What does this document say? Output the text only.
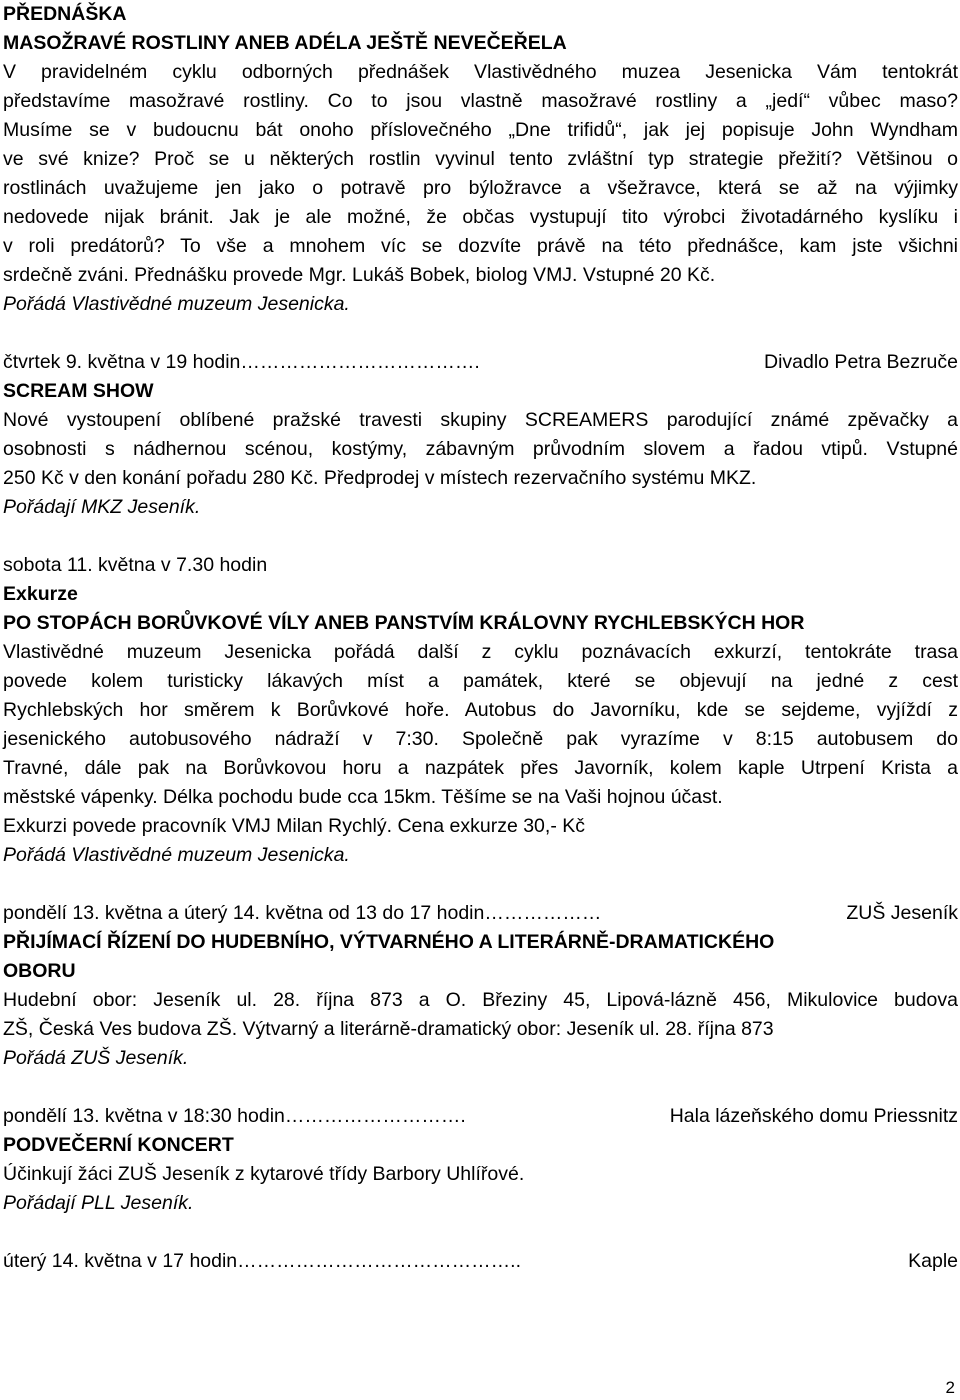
PŘEDNÁŠKA
MASOŽRAVÉ ROSTLINY ANEB ADÉLA JEŠTĚ NEVEČEŘELA
V pravidelném cyklu odborných přednášek Vlastivědného muzea Jesenicka Vám tentokrát
představíme masožravé rostliny. Co to jsou vlastně masožravé rostliny a „jedí“ vůbec maso?
Musíme se v budoucnu bát onoho příslovečného „Dne trifidů“, jak jej popisuje John Wyndham
ve své knize? Proč se u některých rostlin vyvinul tento zvláštní typ strategie přežití? Většinou o
rostlinách uvažujeme jen jako o potravě pro býložravce a všežravce, která se až na výjimky
nedovede nijak bránit. Jak je ale možné, že občas vystupují tito výrobci životadárného kyslíku i
v roli predátorů? To vše a mnohem víc se dozvíte právě na této přednášce, kam jste všichni
srdečně zváni. Přednášku provede Mgr. Lukáš Bobek, biolog VMJ. Vstupné 20 Kč.
Pořádá Vlastivědné muzeum Jesenicka.
čtvrtek 9. května v 19 hodin……………………………….	Divadlo Petra Bezruče
SCREAM SHOW
Nové vystoupení oblíbené pražské travesti skupiny SCREAMERS parodující známé zpěvačky a
osobnosti s nádhernou scénou, kostýmy, zábavným průvodním slovem a řadou vtipů. Vstupné
250 Kč v den konání pořadu 280 Kč. Předprodej v místech rezervačního systému MKZ.
Pořádají MKZ Jeseník.
sobota 11. května v 7.30 hodin
Exkurze
PO STOPÁCH BORŮVKOVÉ VÍLY ANEB PANSTVÍM KRÁLOVNY RYCHLEBSKÝCH HOR
Vlastivědné muzeum Jesenicka pořádá další z cyklu poznávacích exkurzí, tentokráte trasa
povede kolem turisticky lákavých míst a památek, které se objevují na jedné z cest
Rychlebských hor směrem k Borůvkové hoře. Autobus do Javorníku, kde se sejdeme, vyjíždí z
jesenického autobusového nádraží v 7:30. Společně pak vyrazíme v 8:15 autobusem do
Travné, dále pak na Borůvkovou horu a nazpátek přes Javorník, kolem kaple Utrpení Krista a
městské vápenky. Délka pochodu bude cca 15km. Těšíme se na Vaši hojnou účast.
Exkurzi povede pracovník VMJ Milan Rychlý. Cena exkurze 30,- Kč
Pořádá Vlastivědné muzeum Jesenicka.
pondělí 13. května a úterý 14. května od 13 do 17 hodin………………	ZUŠ Jeseník
PŘIJÍMACÍ ŘÍZENÍ DO HUDEBNÍHO, VÝTVARNÉHO A LITERÁRNĚ-DRAMATICKÉHO
OBORU
Hudební obor: Jeseník ul. 28. října 873 a O. Březiny 45, Lipová-lázně 456, Mikulovice budova
ZŠ, Česká Ves budova ZŠ. Výtvarný a literárně-dramatický obor: Jeseník ul. 28. října 873
Pořádá ZUŠ Jeseník.
pondělí 13. května v 18:30 hodin……………………….	Hala lázeňského domu Priessnitz
PODVEČERNÍ KONCERT
Účinkují žáci ZUŠ Jeseník z kytarové třídy Barbory Uhlířové.
Pořádají PLL Jeseník.
úterý 14. května v 17 hodin……………………………………..	Kaple
2
